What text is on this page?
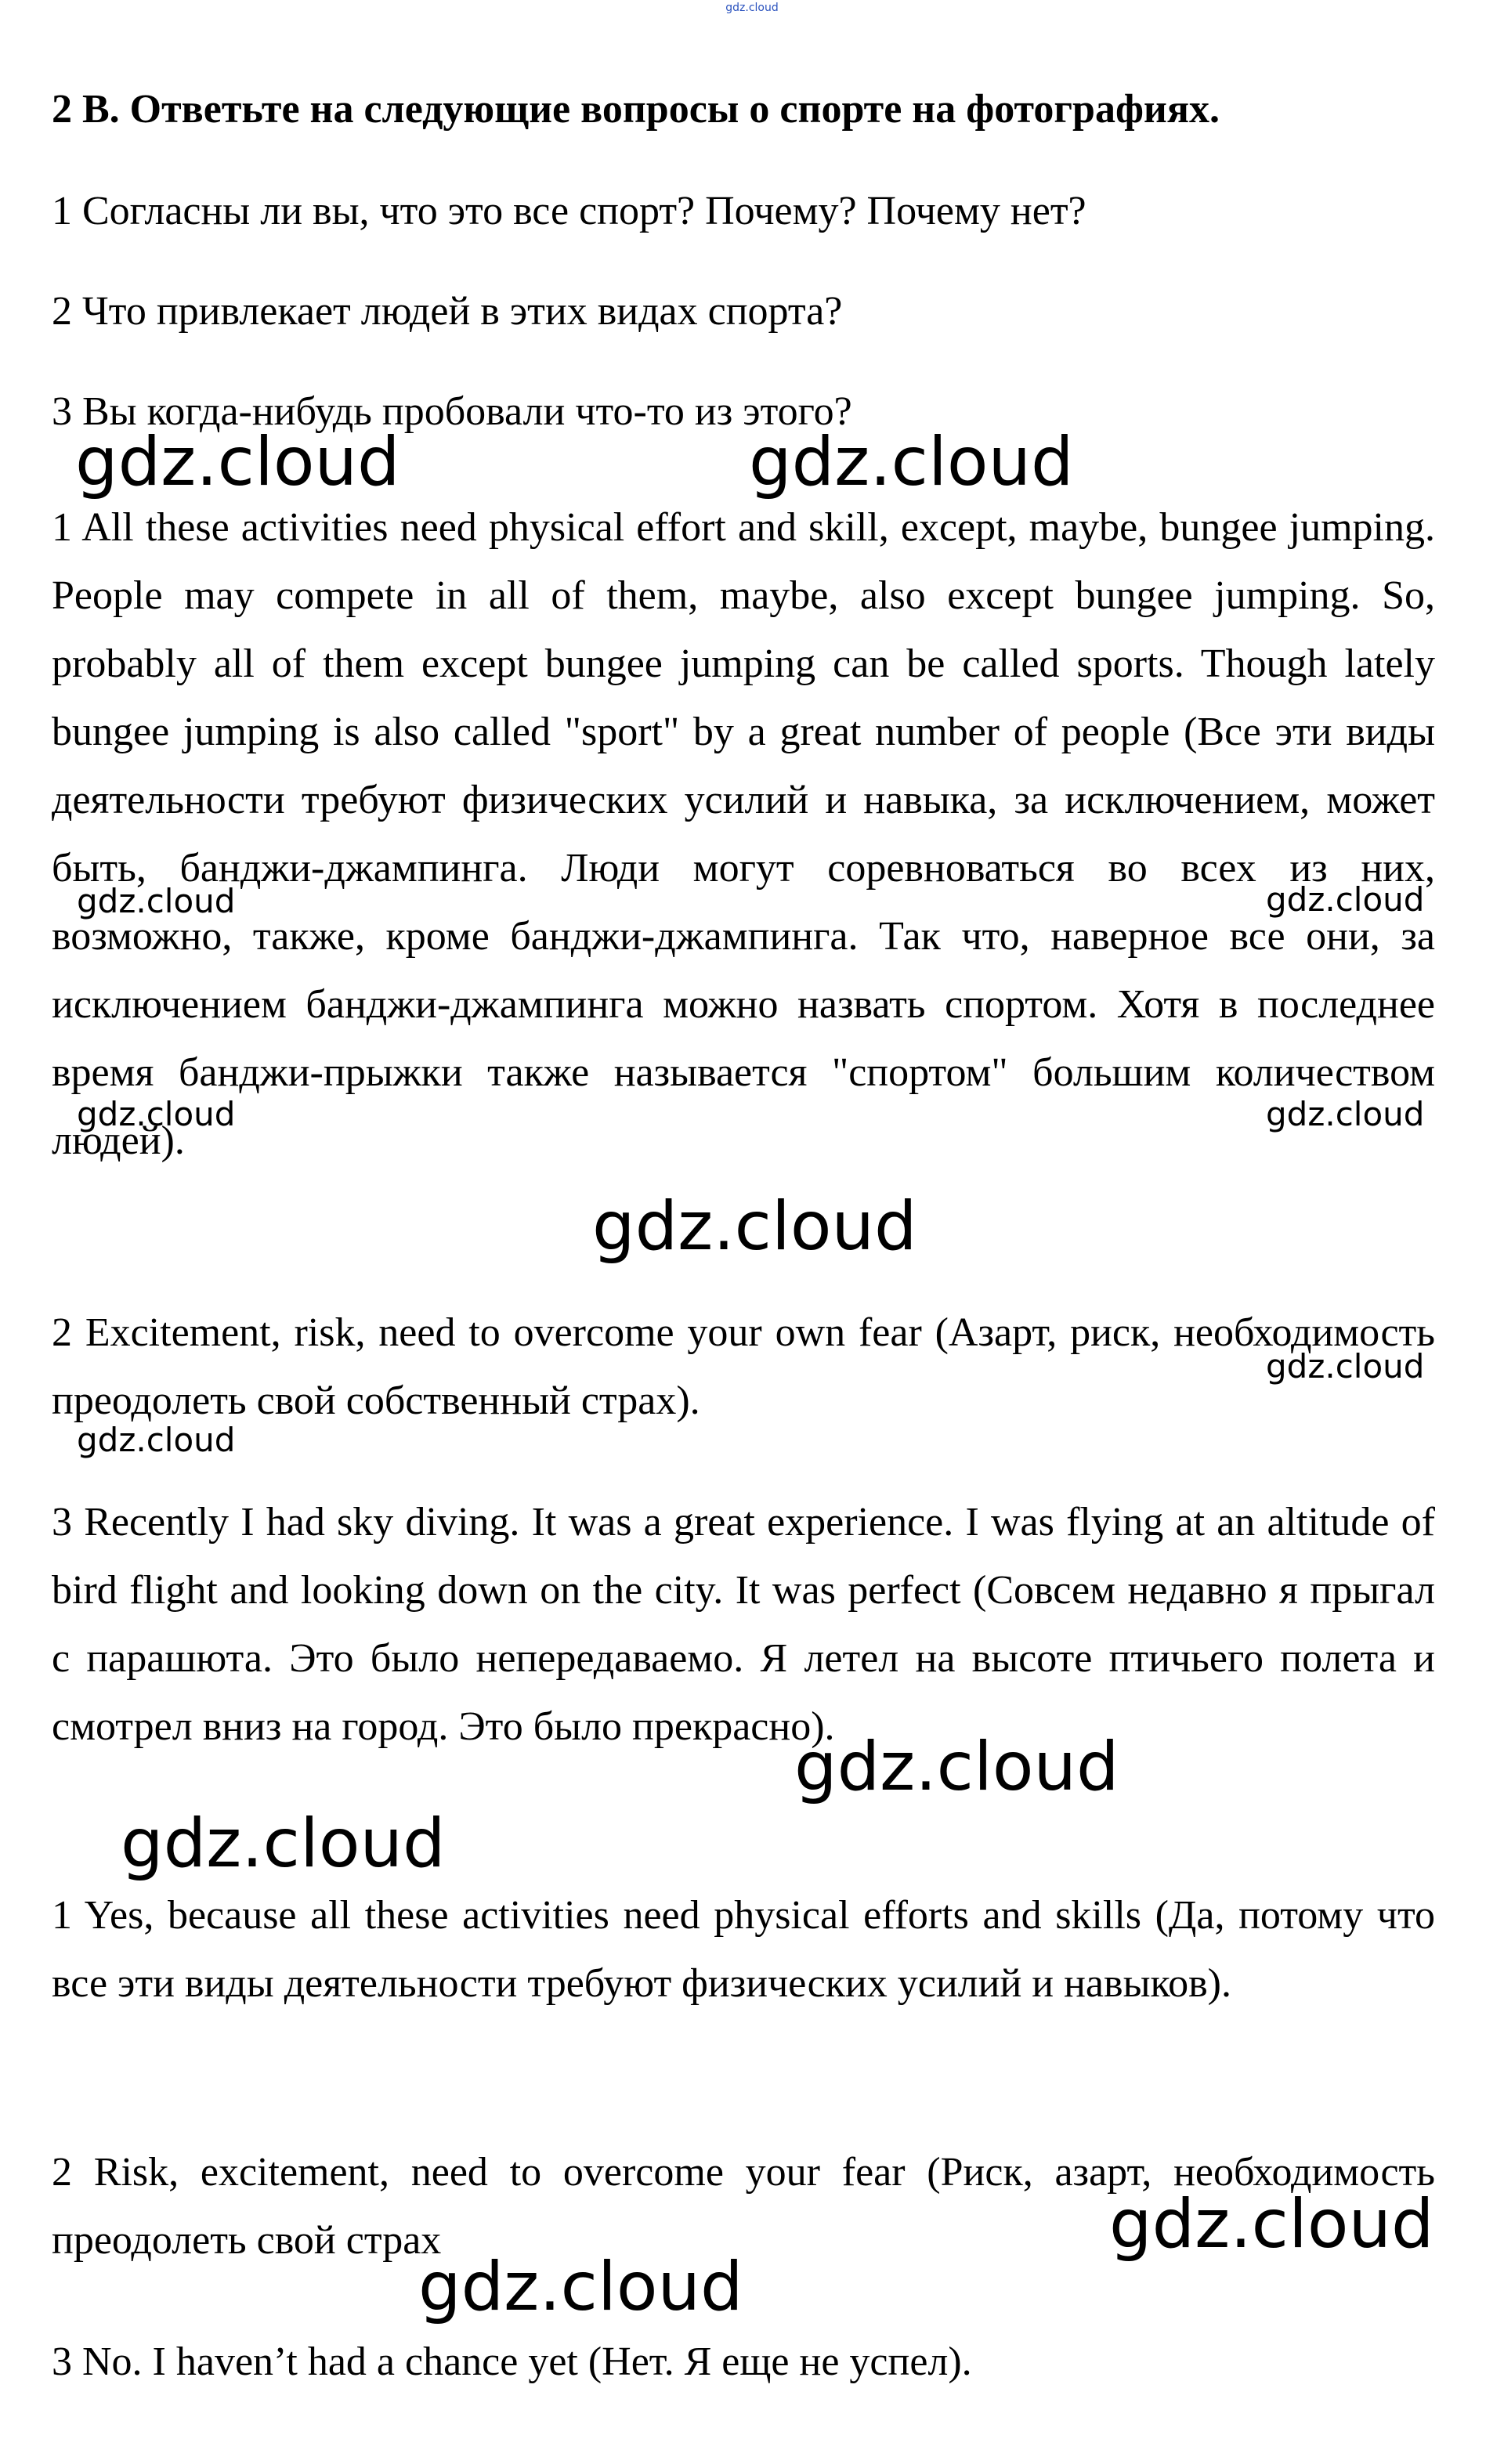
gdz.cloud

2 B. Ответьте на следующие вопросы о спорте на фотографиях.

1 Согласны ли вы, что это все спорт? Почему? Почему нет?

2 Что привлекает людей в этих видах спорта?

3 Вы когда-нибудь пробовали что-то из этого?

1 All these activities need physical effort and skill, except, maybe, bungee jumping. People may compete in all of them, maybe, also except bungee jumping. So, probably all of them except bungee jumping can be called sports. Though lately bungee jumping is also called "sport" by a great number of people (Все эти виды деятельности требуют физических усилий и навыка, за исключением, может быть, банджи-джампинга. Люди могут соревноваться во всех из них, возможно, также, кроме банджи-джампинга. Так что, наверное все они, за исключением банджи-джампинга можно назвать спортом. Хотя в последнее время банджи-прыжки также называется "спортом" большим количеством людей).

2 Excitement, risk, need to overcome your own fear (Азарт, риск, необходимость преодолеть свой собственный страх).

3 Recently I had sky diving. It was a great experience. I was flying at an altitude of bird flight and looking down on the city. It was perfect (Совсем недавно я прыгал с парашюта. Это было непередаваемо. Я летел на высоте птичьего полета и смотрел вниз на город. Это было прекрасно).

1 Yes, because all these activities need physical efforts and skills (Да, потому что все эти виды деятельности требуют физических усилий и навыков).

2 Risk, excitement, need to overcome your fear (Риск, азарт, необходимость преодолеть свой страх

3 No. I haven’t had a chance yet (Нет. Я еще не успел).

gdz.cloud	gdz.cloud
gdz.cloud	gdz.cloud
gdz.cloud	gdz.cloud
gdz.cloud
gdz.cloud
gdz.cloud
gdz.cloud
gdz.cloud
gdz.cloud
gdz.cloud
